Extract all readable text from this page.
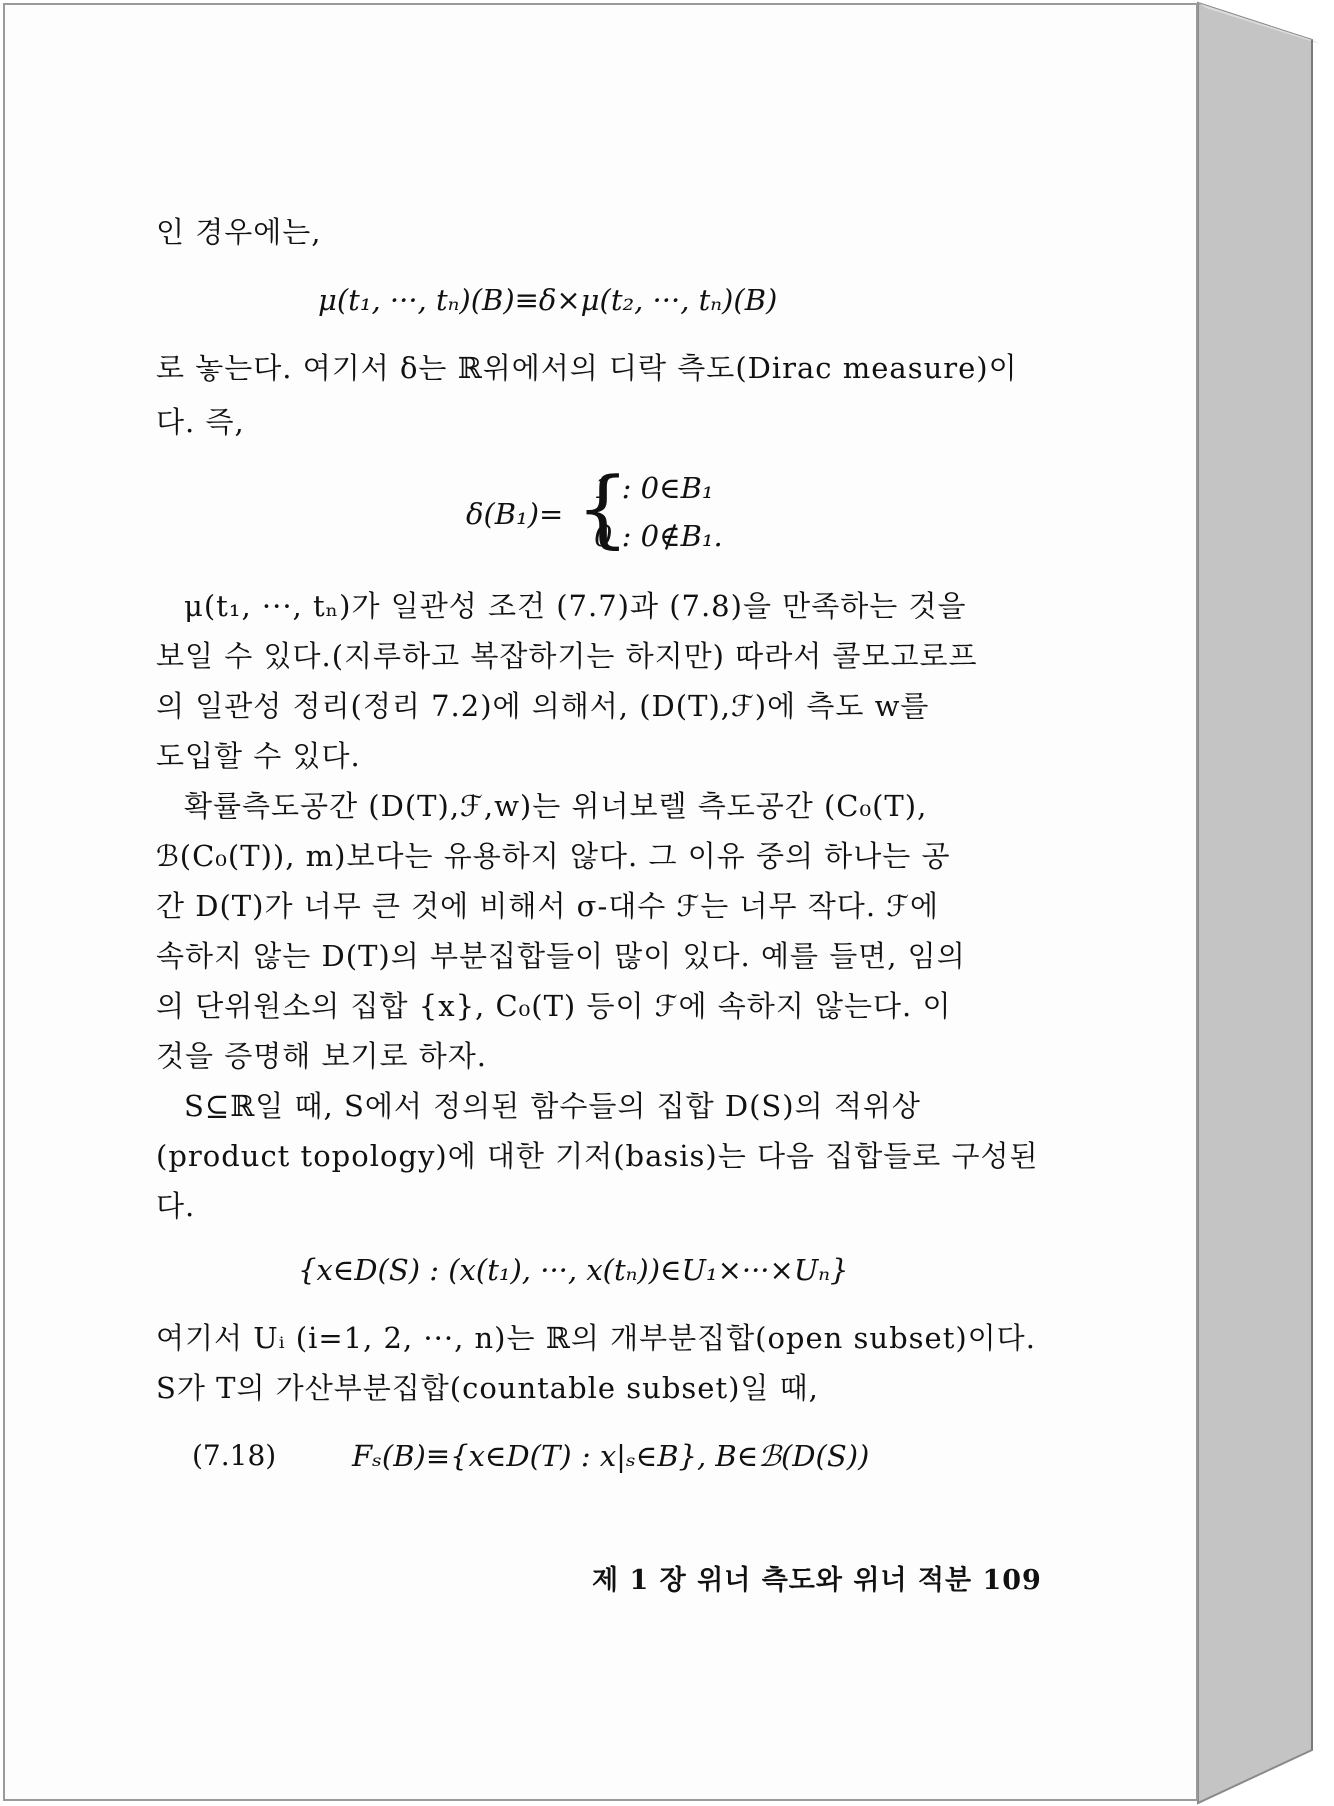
인 경우에는,
μ(t₁, ···, tₙ)(B)≡δ×μ(t₂, ···, tₙ)(B)
로 놓는다. 여기서 δ는 ℝ위에서의 디락 측도(Dirac measure)이
다. 즉,
δ(B₁)= {
1 : 0∈B₁
0 : 0∉B₁.
μ(t₁, ···, tₙ)가 일관성 조건 (7.7)과 (7.8)을 만족하는 것을
보일 수 있다.(지루하고 복잡하기는 하지만) 따라서 콜모고로프
의 일관성 정리(정리 7.2)에 의해서, (D(T),ℱ)에 측도 w를
도입할 수 있다.
확률측도공간 (D(T),ℱ,w)는 위너보렐 측도공간 (C₀(T),
ℬ(C₀(T)), m)보다는 유용하지 않다. 그 이유 중의 하나는 공
간 D(T)가 너무 큰 것에 비해서 σ-대수 ℱ는 너무 작다. ℱ에
속하지 않는 D(T)의 부분집합들이 많이 있다. 예를 들면, 임의
의 단위원소의 집합 {x}, C₀(T) 등이 ℱ에 속하지 않는다. 이
것을 증명해 보기로 하자.
S⊆ℝ일 때, S에서 정의된 함수들의 집합 D(S)의 적위상
(product topology)에 대한 기저(basis)는 다음 집합들로 구성된
다.
{x∈D(S) : (x(t₁), ···, x(tₙ))∈U₁×···×Uₙ}
여기서 Uᵢ (i=1, 2, ···, n)는 ℝ의 개부분집합(open subset)이다.
S가 T의 가산부분집합(countable subset)일 때,
(7.18)	Fₛ(B)≡{x∈D(T) : x|ₛ∈B}, B∈ℬ(D(S))
제 1 장 위너 측도와 위너 적분 109
